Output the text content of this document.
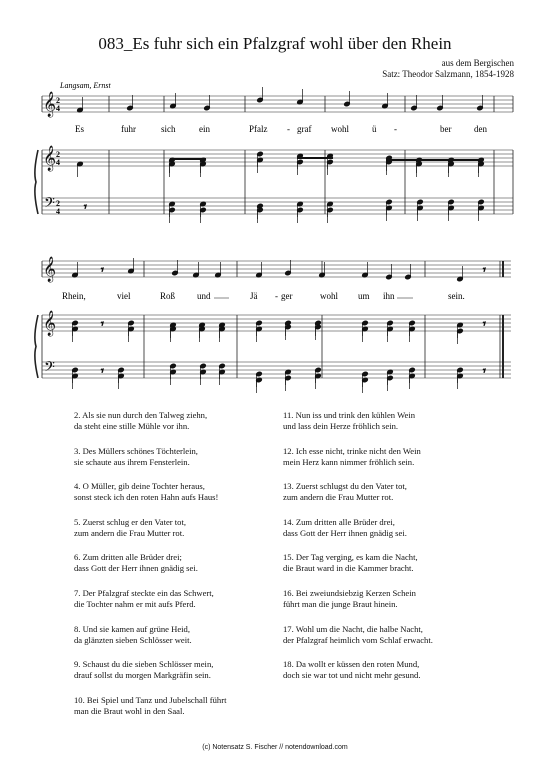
083_Es fuhr sich ein Pfalzgraf wohl über den Rhein
aus dem Bergischen
Satz: Theodor Salzmann, 1854-1928
𝄾
𝄾	𝄾
𝄾	𝄾
𝄾	𝄾
𝄞
𝄞
𝄢
𝄞
𝄞
𝄢
Langsam, Ernst
2
4
2
4
2
4
Es	fuhr	sich	ein	Pfalz - graf wohl	ü -	ber	den
Rhein,	viel	Roß und	Jä - ger	wohl um ihn	sein.
2. Als sie nun durch den Talweg ziehn,
da steht eine stille Mühle vor ihn.
3. Des Müllers schönes Töchterlein,
sie schaute aus ihrem Fensterlein.
4. O Müller, gib deine Tochter heraus,
sonst steck ich den roten Hahn aufs Haus!
5. Zuerst schlug er den Vater tot,
zum andern die Frau Mutter rot.
6. Zum dritten alle Brüder drei;
dass Gott der Herr ihnen gnädig sei.
7. Der Pfalzgraf steckte ein das Schwert,
die Tochter nahm er mit aufs Pferd.
8. Und sie kamen auf grüne Heid,
da glänzten sieben Schlösser weit.
9. Schaust du die sieben Schlösser mein,
drauf sollst du morgen Markgräfin sein.
10. Bei Spiel und Tanz und Jubelschall führt
man die Braut wohl in den Saal.
11. Nun iss und trink den kühlen Wein
und lass dein Herze fröhlich sein.
12. Ich esse nicht, trinke nicht den Wein
mein Herz kann nimmer fröhlich sein.
13. Zuerst schlugst du den Vater tot,
zum andern die Frau Mutter rot.
14. Zum dritten alle Brüder drei,
dass Gott der Herr ihnen gnädig sei.
15. Der Tag verging, es kam die Nacht,
die Braut ward in die Kammer bracht.
16. Bei zweiundsiebzig Kerzen Schein
führt man die junge Braut hinein.
17. Wohl um die Nacht, die halbe Nacht,
der Pfalzgraf heimlich vom Schlaf erwacht.
18. Da wollt er küssen den roten Mund,
doch sie war tot und nicht mehr gesund.
(c) Notensatz S. Fischer // notendownload.com
